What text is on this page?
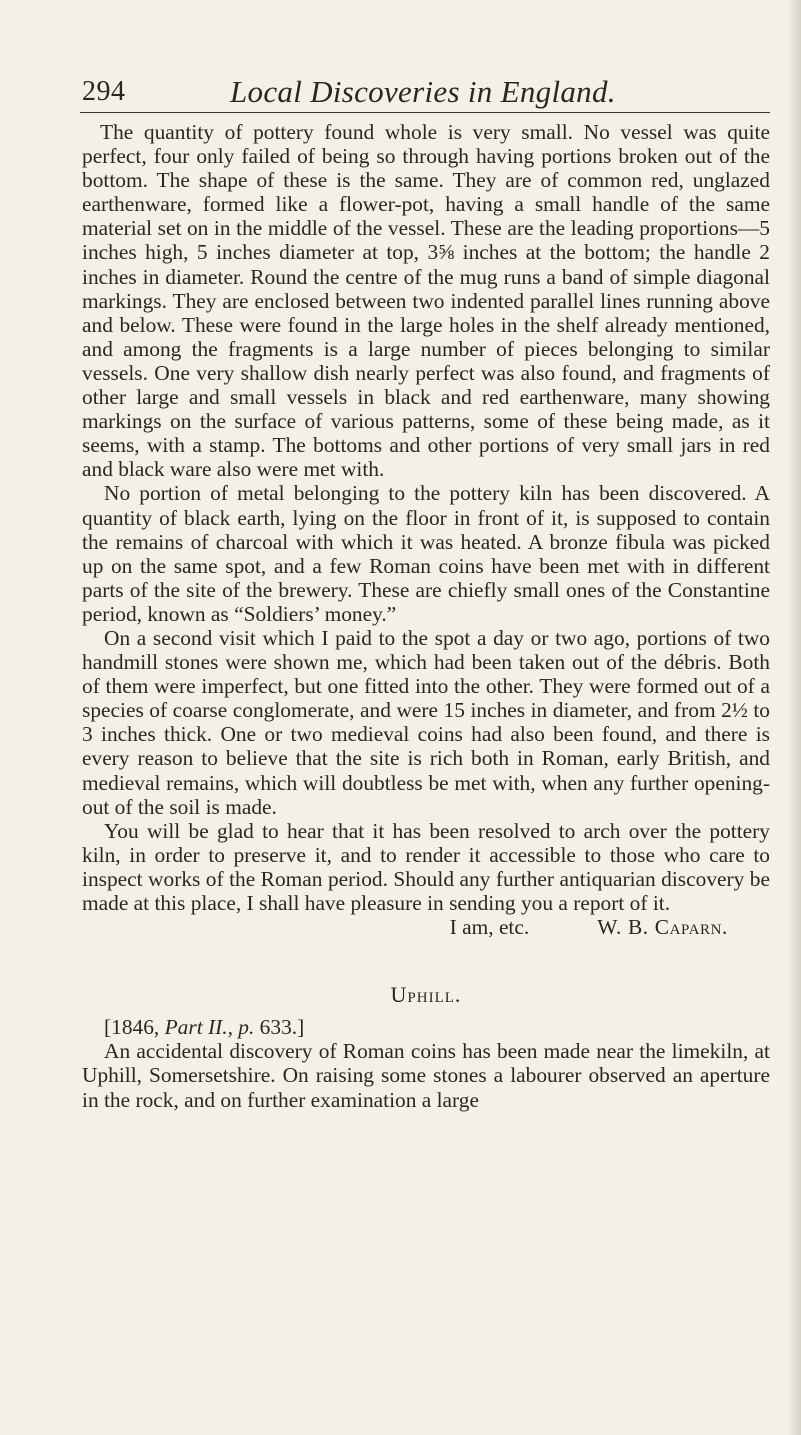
294	Local Discoveries in England.

The quantity of pottery found whole is very small. No vessel was quite perfect, four only failed of being so through having portions broken out of the bottom. The shape of these is the same. They are of common red, unglazed earthenware, formed like a flower-pot, having a small handle of the same material set on in the middle of the vessel. These are the leading proportions—5 inches high, 5 inches diameter at top, 3⅝ inches at the bottom; the handle 2 inches in diameter. Round the centre of the mug runs a band of simple diagonal markings. They are enclosed between two indented parallel lines running above and below. These were found in the large holes in the shelf already mentioned, and among the fragments is a large number of pieces belonging to similar vessels. One very shallow dish nearly perfect was also found, and fragments of other large and small vessels in black and red earthenware, many showing markings on the surface of various patterns, some of these being made, as it seems, with a stamp. The bottoms and other portions of very small jars in red and black ware also were met with.

No portion of metal belonging to the pottery kiln has been discovered. A quantity of black earth, lying on the floor in front of it, is supposed to contain the remains of charcoal with which it was heated. A bronze fibula was picked up on the same spot, and a few Roman coins have been met with in different parts of the site of the brewery. These are chiefly small ones of the Constantine period, known as “Soldiers’ money.”

On a second visit which I paid to the spot a day or two ago, portions of two handmill stones were shown me, which had been taken out of the débris. Both of them were imperfect, but one fitted into the other. They were formed out of a species of coarse conglomerate, and were 15 inches in diameter, and from 2½ to 3 inches thick. One or two medieval coins had also been found, and there is every reason to believe that the site is rich both in Roman, early British, and medieval remains, which will doubtless be met with, when any further opening-out of the soil is made.

You will be glad to hear that it has been resolved to arch over the pottery kiln, in order to preserve it, and to render it accessible to those who care to inspect works of the Roman period. Should any further antiquarian discovery be made at this place, I shall have pleasure in sending you a report of it.

I am, etc.	W. B. Caparn.

Uphill.

[1846, Part II., p. 633.]

An accidental discovery of Roman coins has been made near the limekiln, at Uphill, Somersetshire. On raising some stones a labourer observed an aperture in the rock, and on further examination a large
